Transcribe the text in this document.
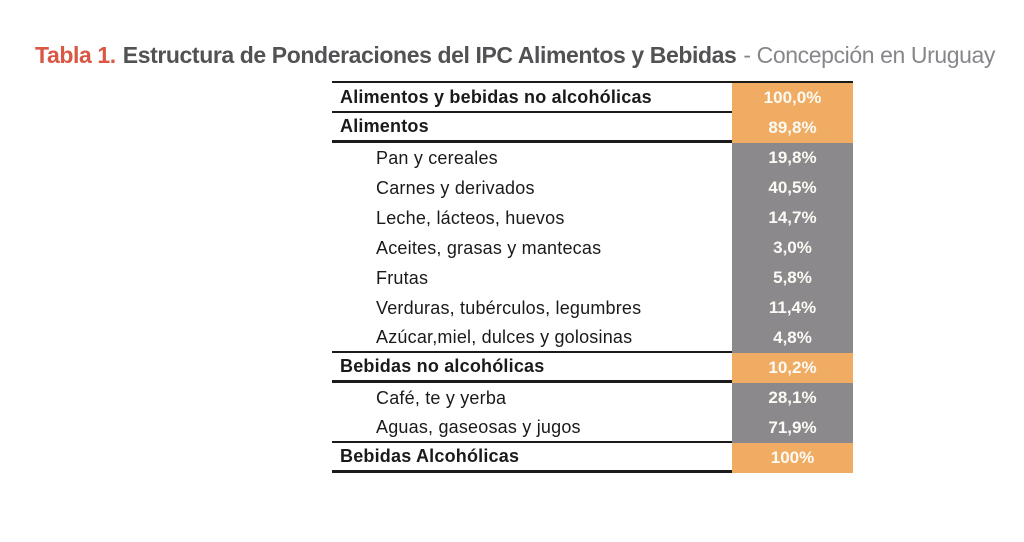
Tabla 1. Estructura de Ponderaciones del IPC Alimentos y Bebidas - Concepción en Uruguay
Alimentos y bebidas no alcohólicas	100,0%
Alimentos	89,8%
Pan y cereales	19,8%
Carnes y derivados	40,5%
Leche, lácteos, huevos	14,7%
Aceites, grasas y mantecas	3,0%
Frutas	5,8%
Verduras, tubérculos, legumbres	11,4%
Azúcar,miel, dulces y golosinas	4,8%
Bebidas no alcohólicas	10,2%
Café, te y yerba	28,1%
Aguas, gaseosas y jugos	71,9%
Bebidas Alcohólicas	100%
